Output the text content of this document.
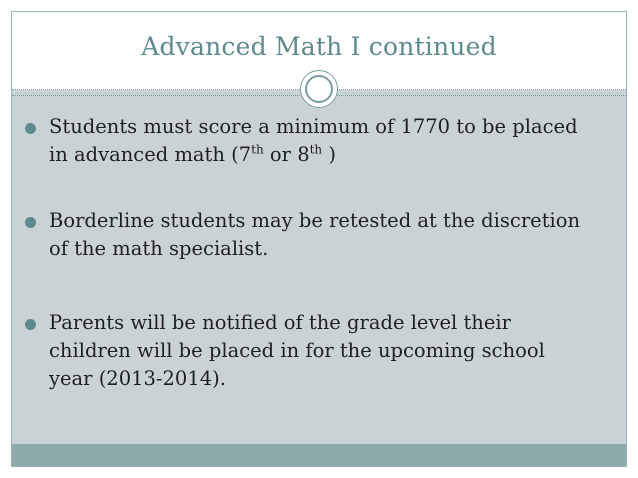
Advanced Math I continued
Students must score a minimum of 1770 to be placed
in advanced math (7th or 8th )
Borderline students may be retested at the discretion
of the math specialist.
Parents will be notified of the grade level their
children will be placed in for the upcoming school
year (2013-2014).
